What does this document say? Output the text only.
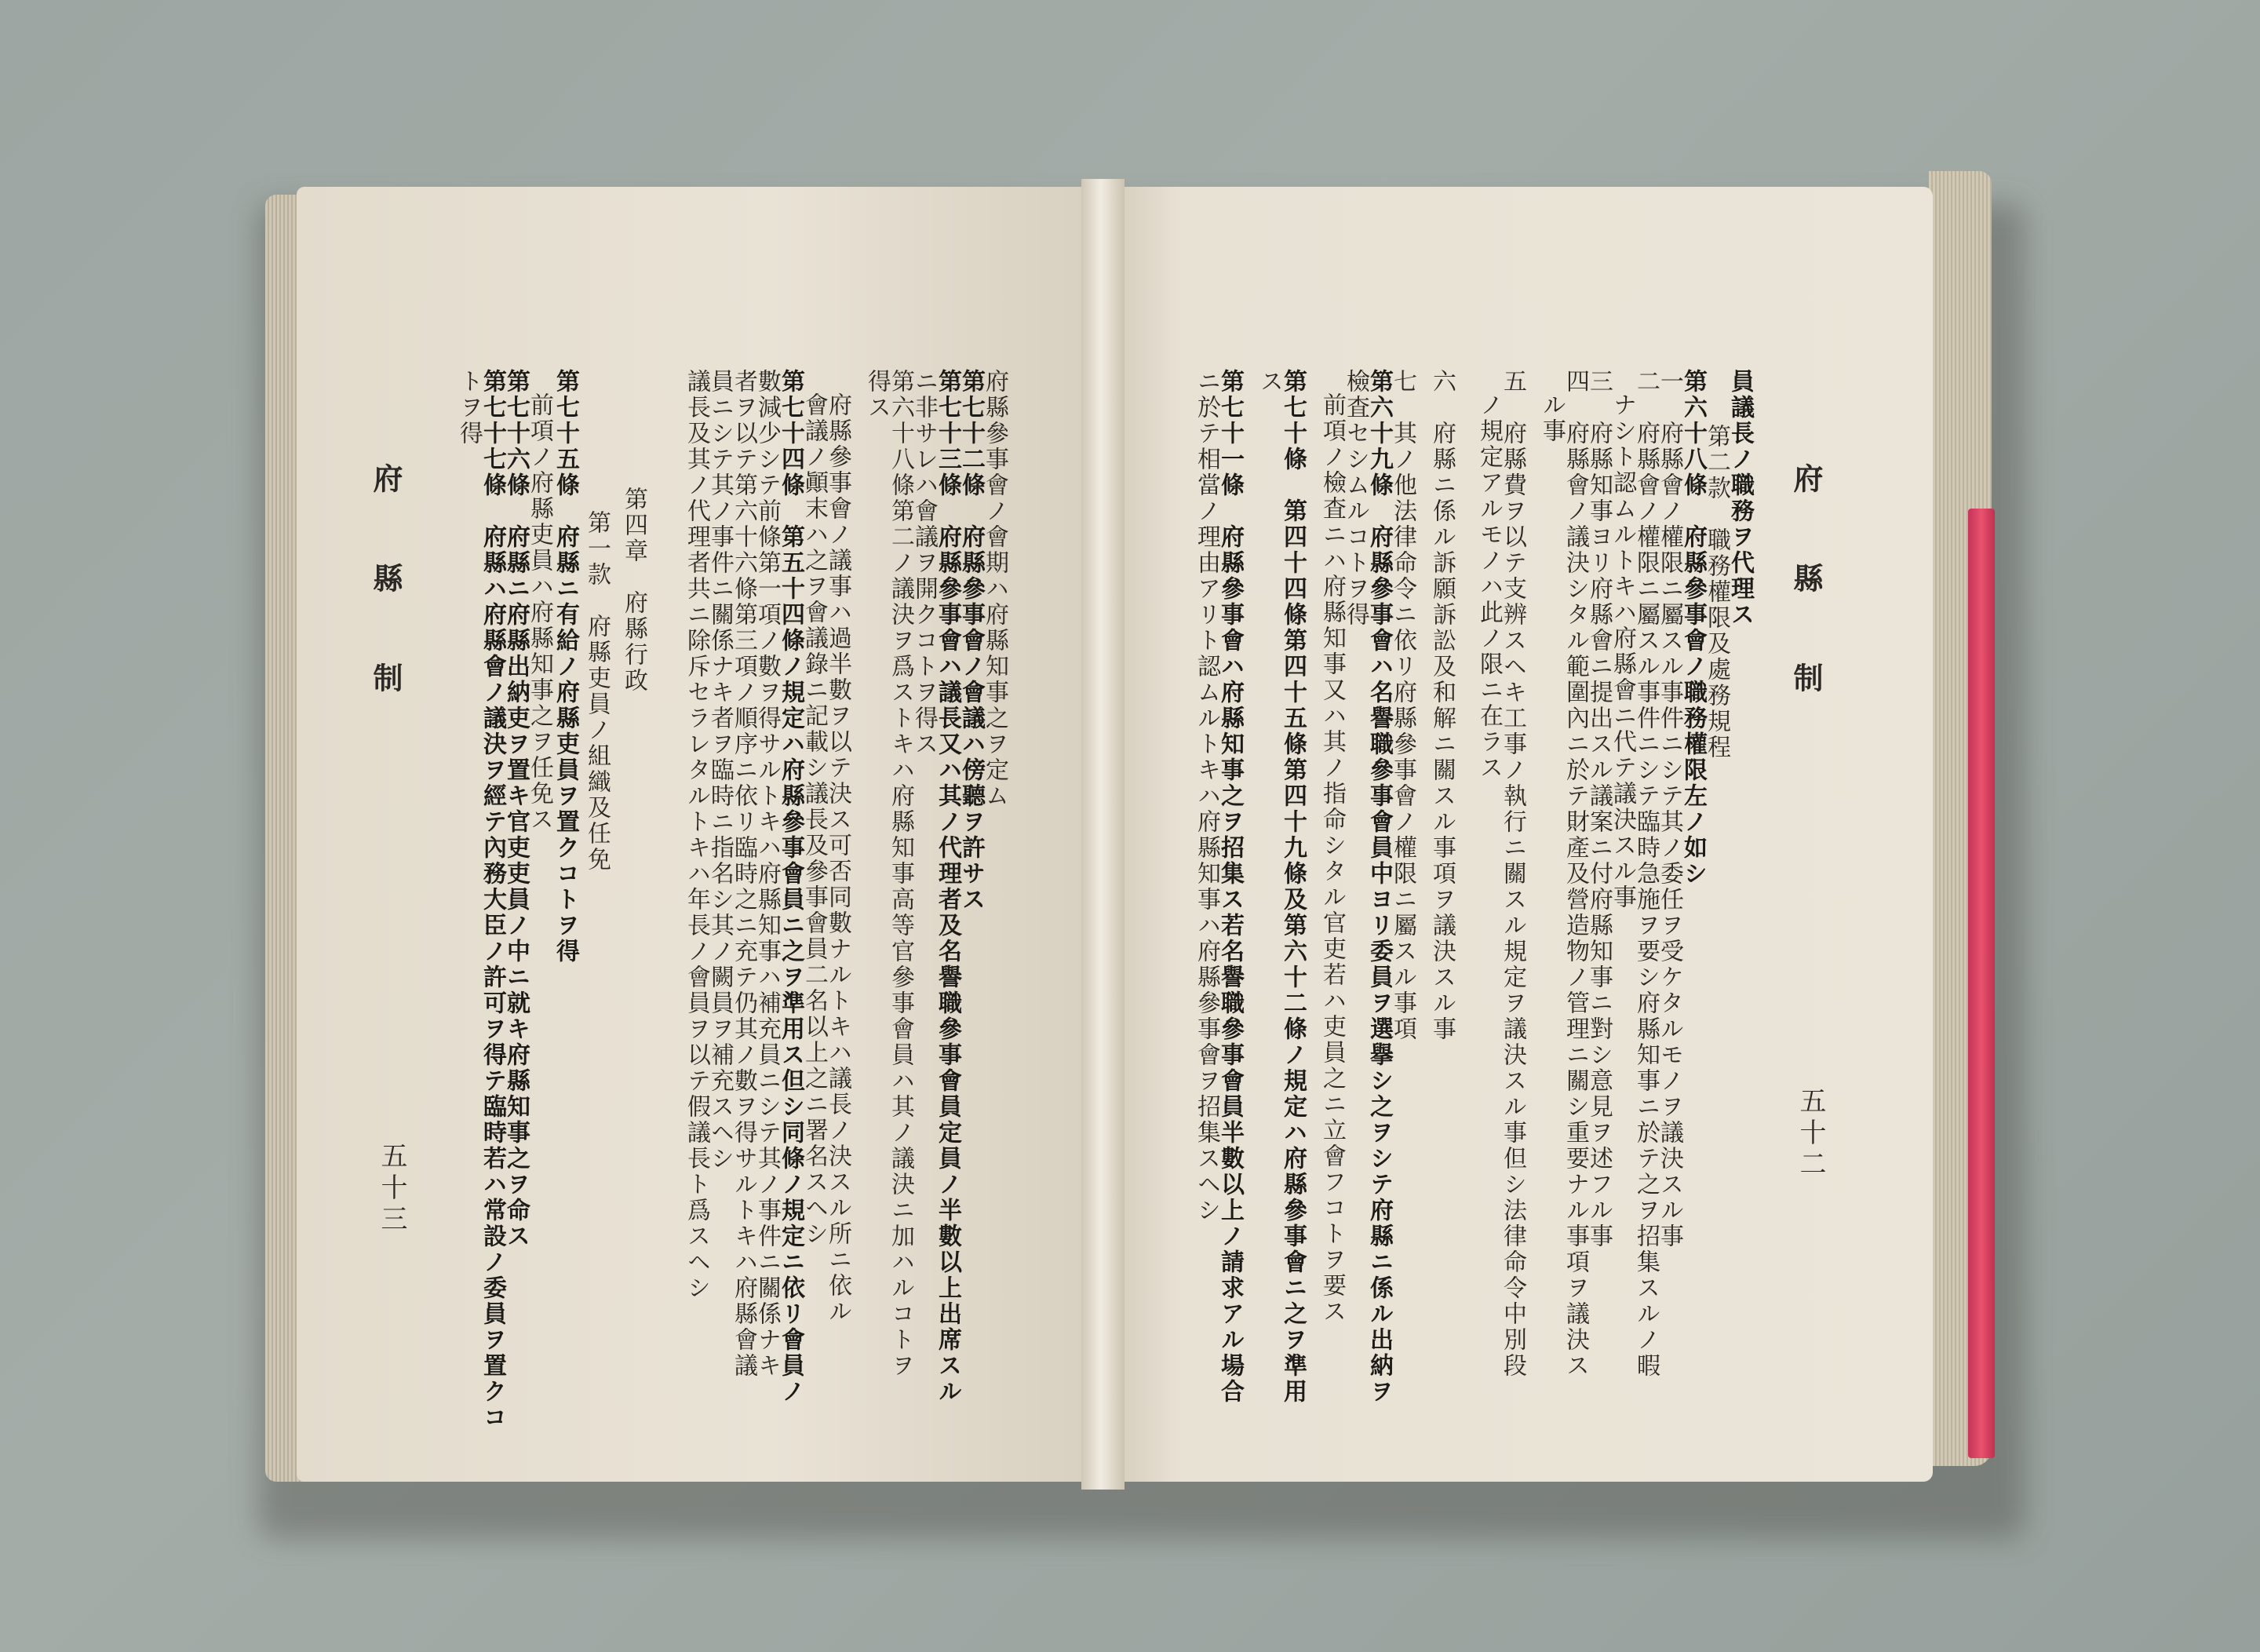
府 縣 制
五十三
府 縣 制
五十二
府縣參事會ノ會期ハ府縣知事之ヲ定ム
第七十二條　府縣參事會ノ會議ハ傍聽ヲ許サス
第七十三條　府縣參事會ハ議長又ハ其ノ代理者及名譽職參事會員定員ノ半數以上出席スル
ニ非サレハ會議ヲ開クコトヲ得ス
第六十八條第二ノ議決ヲ爲ストキハ府縣知事高等官參事會員ハ其ノ議決ニ加ハルコトヲ
得ス
府縣參事會ノ議事ハ過半數ヲ以テ決ス可否同數ナルトキハ議長ノ決スル所ニ依ル
會議ノ顚末ハ之ヲ會議錄ニ記載シ議長及參事會員二名以上之ニ署名スヘシ
第七十四條　第五十四條ノ規定ハ府縣參事會員ニ之ヲ準用ス但シ同條ノ規定ニ依リ會員ノ
數減少シテ前條第一項ノ數ヲ得サルトキハ府縣知事ハ補充員ニシテ其ノ事件ニ關係ナキ
者ヲ以テ第六十六條第三項ノ順序ニ依リ臨時之ニ充テ仍其ノ數ヲ得サルトキハ府縣會議
員ニシテ其ノ事件ニ關係ナキ者ヲ臨時ニ指名シ其ノ闕員ヲ補充スヘシ
議長及其ノ代理者共ニ除斥セラレタルトキハ年長ノ會員ヲ以テ假議長ト爲スヘシ
第四章　府縣行政
第一款　府縣吏員ノ組織及任免
第七十五條　府縣ニ有給ノ府縣吏員ヲ置クコトヲ得
前項ノ府縣吏員ハ府縣知事之ヲ任免ス
第七十六條　府縣ニ府縣出納吏ヲ置キ官吏吏員ノ中ニ就キ府縣知事之ヲ命ス
第七十七條　府縣ハ府縣會ノ議決ヲ經テ內務大臣ノ許可ヲ得テ臨時若ハ常設ノ委員ヲ置クコ
トヲ得	員議長ノ職務ヲ代理ス
第二款　職務權限及處務規程
第六十八條　府縣參事會ノ職務權限左ノ如シ
一　府縣會ノ權限ニ屬スル事件ニシテ其ノ委任ヲ受ケタルモノヲ議決スル事
二　府縣會ノ權限ニ屬スル事件ニシテ臨時急施ヲ要シ府縣知事ニ於テ之ヲ招集スルノ暇
ナシト認ムルトキハ府縣會ニ代テ議決スル事
三　府縣知事ヨリ府縣會ニ提出スル議案ニ付府縣知事ニ對シ意見ヲ述フル事
四　府縣會ノ議決シタル範圍內ニ於テ財產及營造物ノ管理ニ關シ重要ナル事項ヲ議決ス
ル事
五　府縣費ヲ以テ支辨スヘキ工事ノ執行ニ關スル規定ヲ議決スル事但シ法律命令中別段
ノ規定アルモノハ此ノ限ニ在ラス
六　府縣ニ係ル訴願訴訟及和解ニ關スル事項ヲ議決スル事
七　其ノ他法律命令ニ依リ府縣參事會ノ權限ニ屬スル事項
第六十九條　府縣參事會ハ名譽職參事會員中ヨリ委員ヲ選擧シ之ヲシテ府縣ニ係ル出納ヲ
檢査セシムルコトヲ得
前項ノ檢査ニハ府縣知事又ハ其ノ指命シタル官吏若ハ吏員之ニ立會フコトヲ要ス
第七十條　第四十四條第四十五條第四十九條及第六十二條ノ規定ハ府縣參事會ニ之ヲ準用
ス
第七十一條　府縣參事會ハ府縣知事之ヲ招集ス若名譽職參事會員半數以上ノ請求アル場合
ニ於テ相當ノ理由アリト認ムルトキハ府縣知事ハ府縣參事會ヲ招集スヘシ
